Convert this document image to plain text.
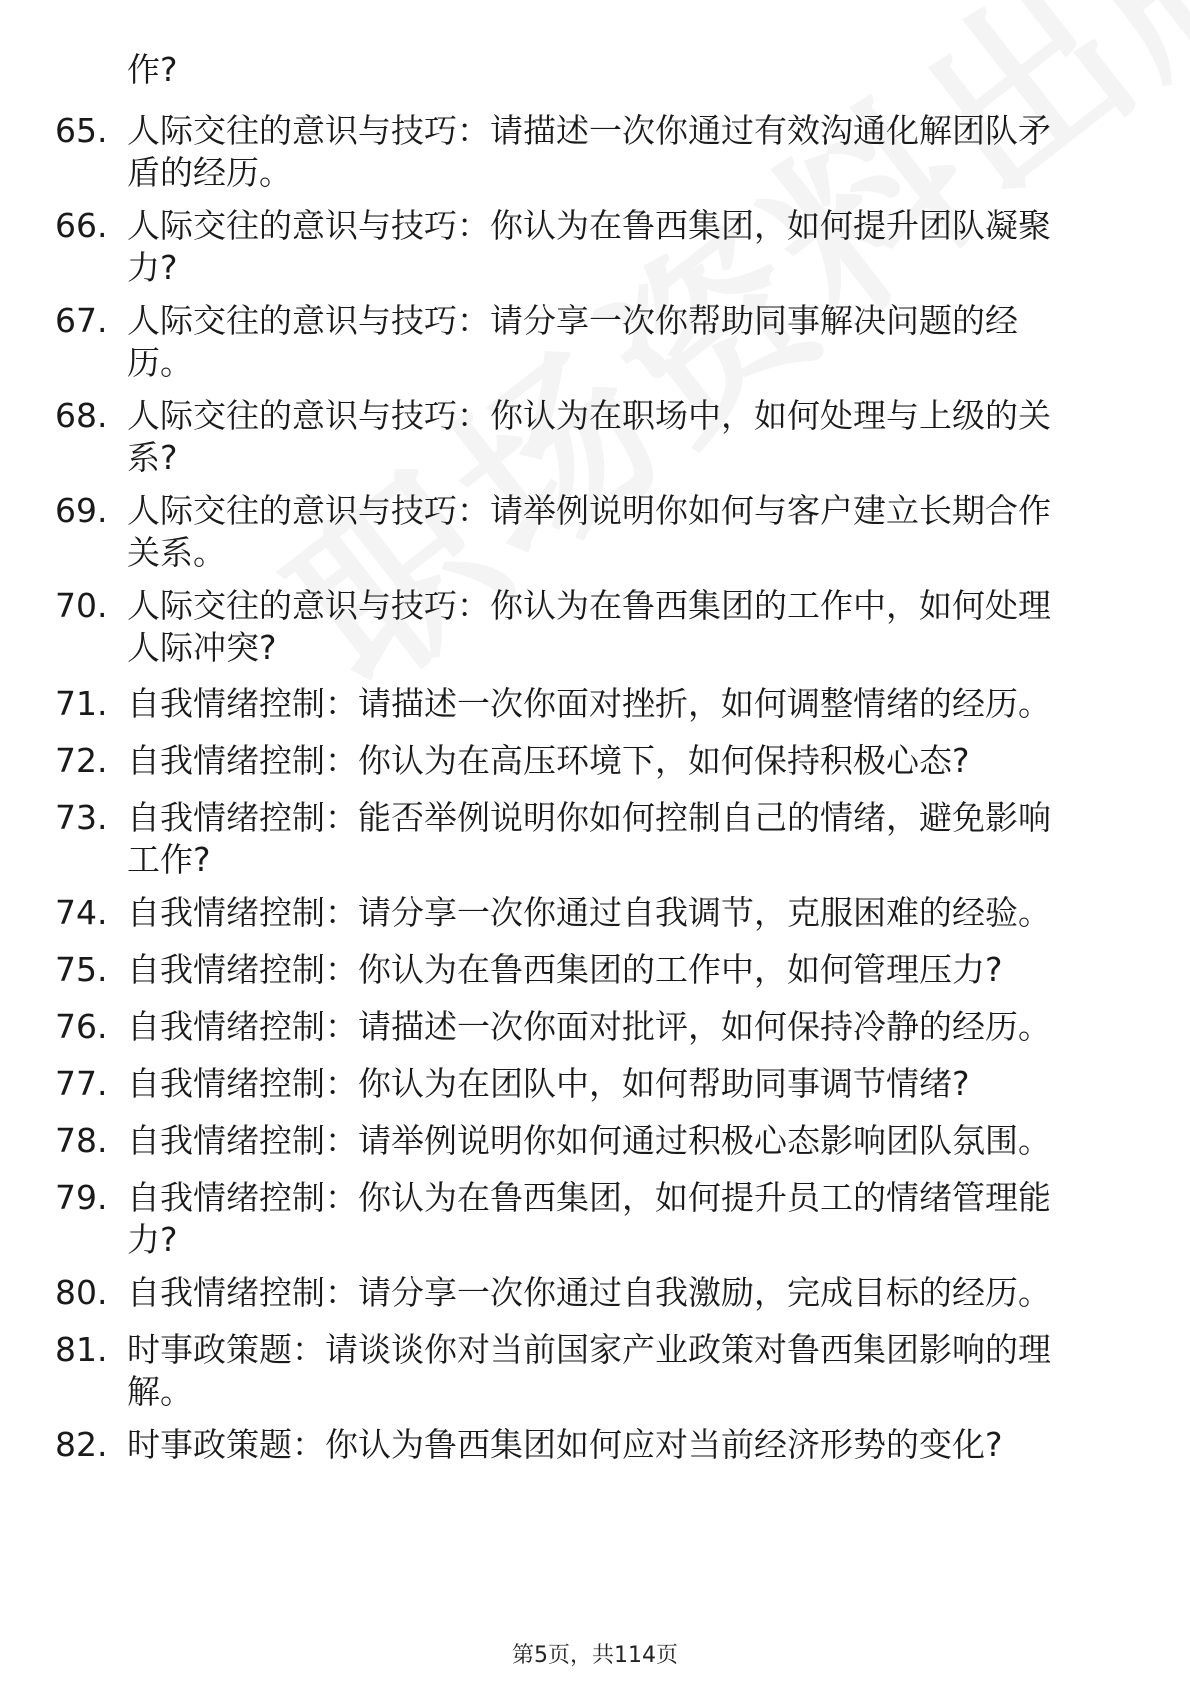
作?
65. 人际交往的意识与技巧：请描述一次你通过有效沟通化解团队矛
盾的经历。
66. 人际交往的意识与技巧：你认为在鲁西集团，如何提升团队凝聚
力?
67. 人际交往的意识与技巧：请分享一次你帮助同事解决问题的经
历。
68. 人际交往的意识与技巧：你认为在职场中，如何处理与上级的关
系?
69. 人际交往的意识与技巧：请举例说明你如何与客户建立长期合作
关系。
70. 人际交往的意识与技巧：你认为在鲁西集团的工作中，如何处理
人际冲突?
71. 自我情绪控制：请描述一次你面对挫折，如何调整情绪的经历。
72. 自我情绪控制：你认为在高压环境下，如何保持积极心态?
73. 自我情绪控制：能否举例说明你如何控制自己的情绪，避免影响
工作?
74. 自我情绪控制：请分享一次你通过自我调节，克服困难的经验。
75. 自我情绪控制：你认为在鲁西集团的工作中，如何管理压力?
76. 自我情绪控制：请描述一次你面对批评，如何保持冷静的经历。
77. 自我情绪控制：你认为在团队中，如何帮助同事调节情绪?
78. 自我情绪控制：请举例说明你如何通过积极心态影响团队氛围。
79. 自我情绪控制：你认为在鲁西集团，如何提升员工的情绪管理能
力?
80. 自我情绪控制：请分享一次你通过自我激励，完成目标的经历。
81. 时事政策题：请谈谈你对当前国家产业政策对鲁西集团影响的理
解。
82. 时事政策题：你认为鲁西集团如何应对当前经济形势的变化?
第5页，共114页
